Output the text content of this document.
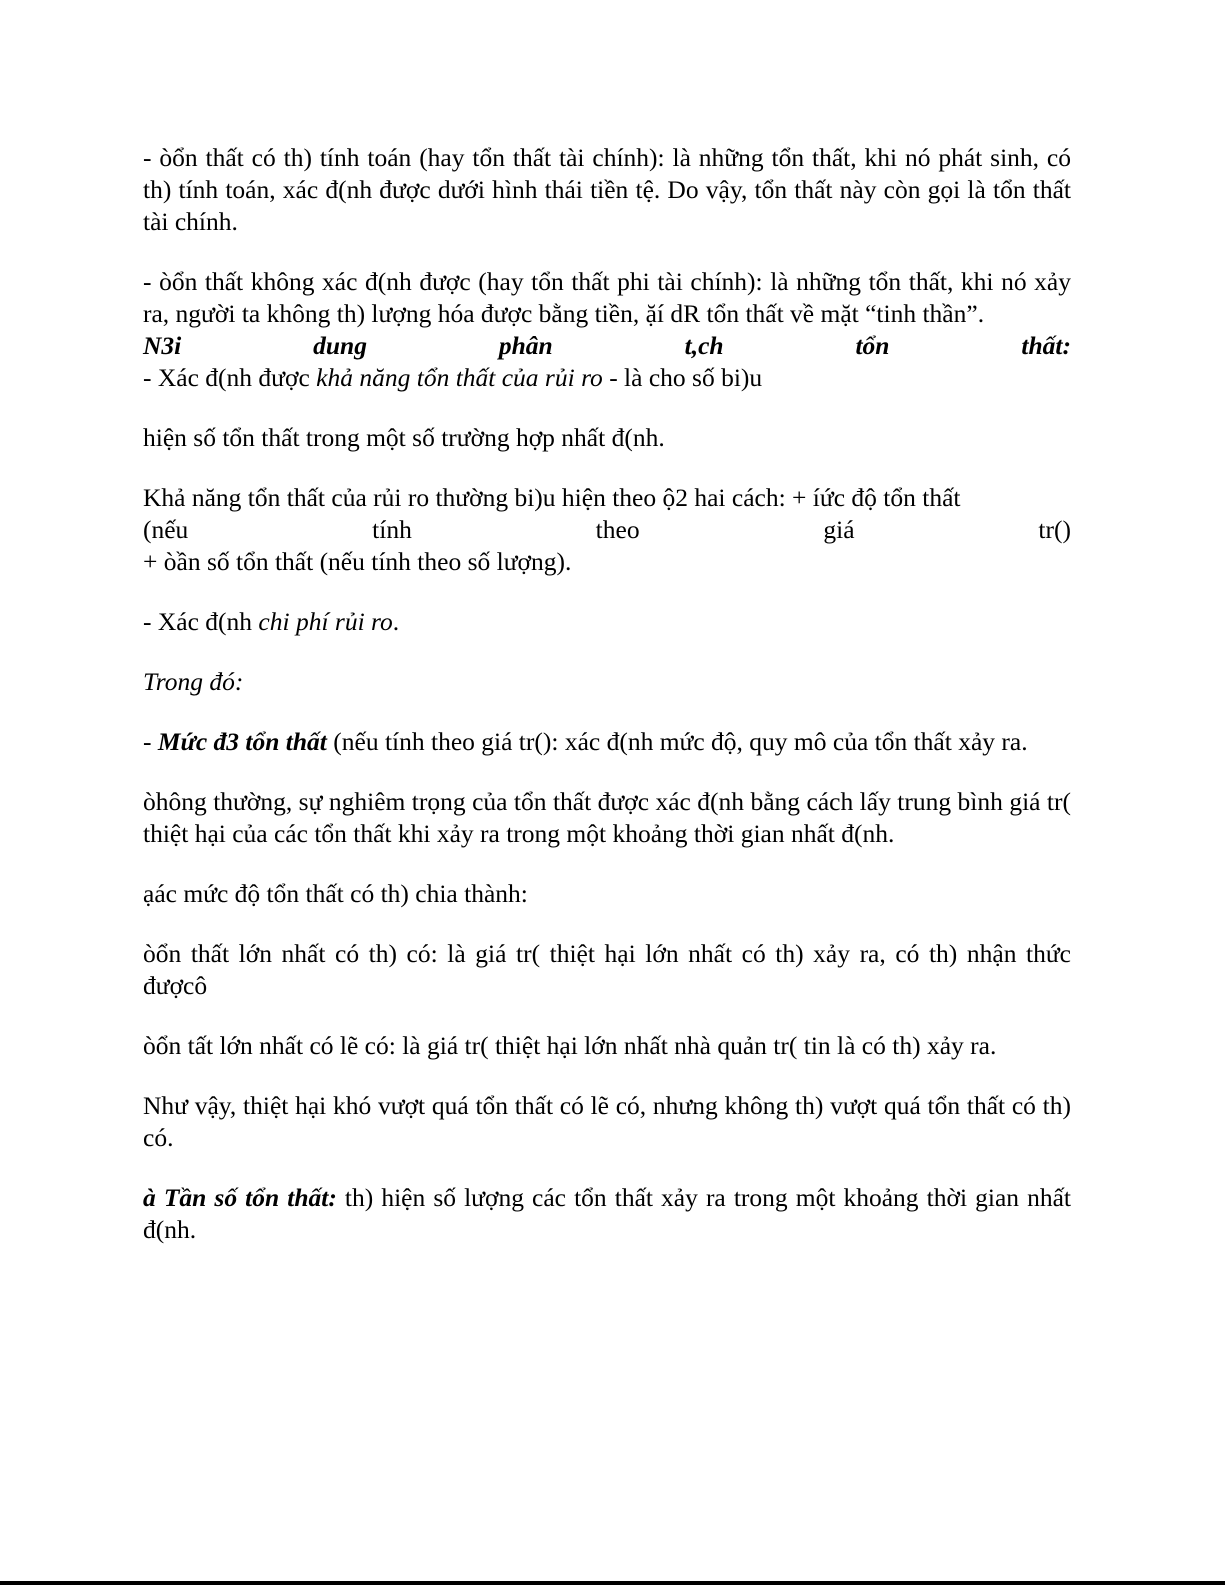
- òổn thất có th) tính toán (hay tổn thất tài chính): là những tổn thất, khi nó phát sinh, có th) tính toán, xác đ(nh được dưới hình thái tiền tệ. Do vậy, tổn thất này còn gọi là tổn thất tài chính.

- òổn thất không xác đ(nh được (hay tổn thất phi tài chính): là những tổn thất, khi nó xảy ra, người ta không th) lượng hóa được bằng tiền, ặí dR tổn thất về mặt “tinh thần”.

N3i	dung	phân	t,ch	tổn	thất:

- Xác đ(nh được khả năng tổn thất của rủi ro - là cho số bi)u

hiện số tổn thất trong một số trường hợp nhất đ(nh.

Khả năng tổn thất của rủi ro thường bi)u hiện theo ộ2 hai cách: + íức độ tổn thất

(nếu	tính	theo	giá	tr()

+ òần số tổn thất (nếu tính theo số lượng).

- Xác đ(nh chi phí rủi ro.

Trong đó:

- Mức đ3 tổn thất (nếu tính theo giá tr(): xác đ(nh mức độ, quy mô của tổn thất xảy ra.

òhông thường, sự nghiêm trọng của tổn thất được xác đ(nh bằng cách lấy trung bình giá tr( thiệt hại của các tổn thất khi xảy ra trong một khoảng thời gian nhất đ(nh.

ạác mức độ tổn thất có th) chia thành:

òổn thất lớn nhất có th) có: là giá tr( thiệt hại lớn nhất có th) xảy ra, có th) nhận thức đượcô

òổn tất lớn nhất có lẽ có: là giá tr( thiệt hại lớn nhất nhà quản tr( tin là có th) xảy ra.

Như vậy, thiệt hại khó vượt quá tổn thất có lẽ có, nhưng không th) vượt quá tổn thất có th) có.

à Tần số tổn thất: th) hiện số lượng các tổn thất xảy ra trong một khoảng thời gian nhất đ(nh.
